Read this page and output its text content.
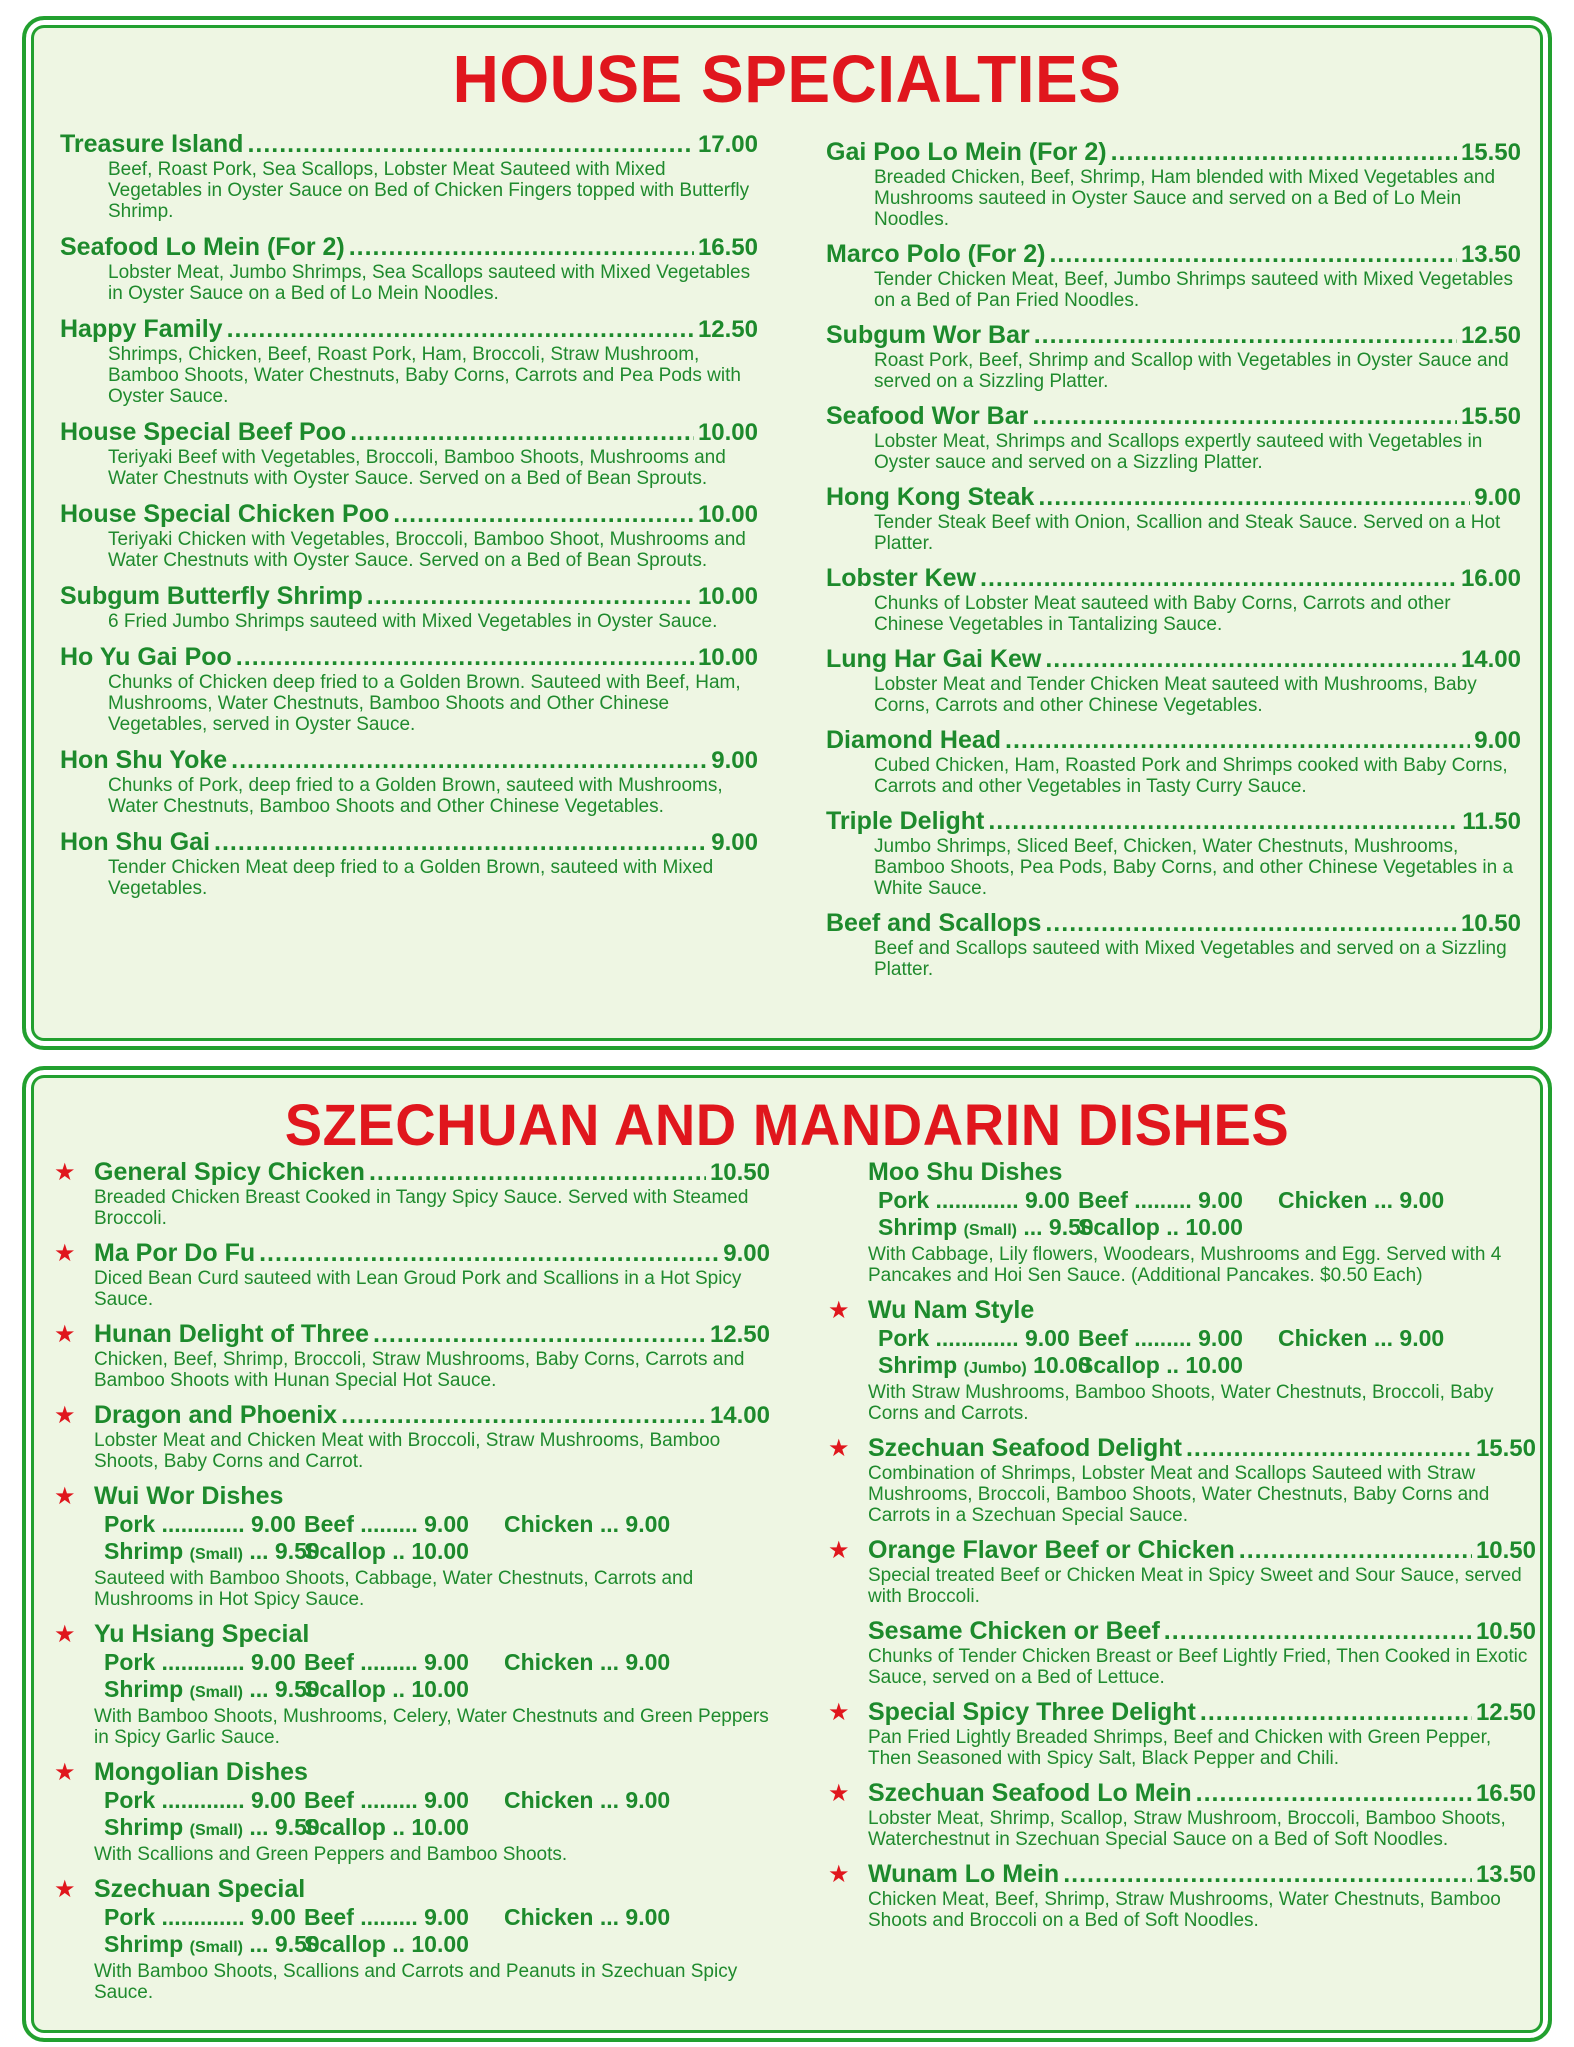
HOUSE SPECIALTIES
Treasure Island .....	17.00
Beef, Roast Pork, Sea Scallops, Lobster Meat Sauteed with Mixed Vegetables in Oyster Sauce on Bed of Chicken Fingers topped with Butterfly Shrimp.
Seafood Lo Mein (For 2) .....	16.50
Lobster Meat, Jumbo Shrimps, Sea Scallops sauteed with Mixed Vegetables in Oyster Sauce on a Bed of Lo Mein Noodles.
Happy Family .....	12.50
Shrimps, Chicken, Beef, Roast Pork, Ham, Broccoli, Straw Mushroom, Bamboo Shoots, Water Chestnuts, Baby Corns, Carrots and Pea Pods with Oyster Sauce.
House Special Beef Poo .....	10.00
Teriyaki Beef with Vegetables, Broccoli, Bamboo Shoots, Mushrooms and Water Chestnuts with Oyster Sauce. Served on a Bed of Bean Sprouts.
House Special Chicken Poo .....	10.00
Teriyaki Chicken with Vegetables, Broccoli, Bamboo Shoot, Mushrooms and Water Chestnuts with Oyster Sauce. Served on a Bed of Bean Sprouts.
Subgum Butterfly Shrimp .....	10.00
6 Fried Jumbo Shrimps sauteed with Mixed Vegetables in Oyster Sauce.
Ho Yu Gai Poo .....	10.00
Chunks of Chicken deep fried to a Golden Brown. Sauteed with Beef, Ham, Mushrooms, Water Chestnuts, Bamboo Shoots and Other Chinese Vegetables, served in Oyster Sauce.
Hon Shu Yoke .....	9.00
Chunks of Pork, deep fried to a Golden Brown, sauteed with Mushrooms, Water Chestnuts, Bamboo Shoots and Other Chinese Vegetables.
Hon Shu Gai .....	9.00
Tender Chicken Meat deep fried to a Golden Brown, sauteed with Mixed Vegetables.
Gai Poo Lo Mein (For 2) .....	15.50
Breaded Chicken, Beef, Shrimp, Ham blended with Mixed Vegetables and Mushrooms sauteed in Oyster Sauce and served on a Bed of Lo Mein Noodles.
Marco Polo (For 2) .....	13.50
Tender Chicken Meat, Beef, Jumbo Shrimps sauteed with Mixed Vegetables on a Bed of Pan Fried Noodles.
Subgum Wor Bar .....	12.50
Roast Pork, Beef, Shrimp and Scallop with Vegetables in Oyster Sauce and served on a Sizzling Platter.
Seafood Wor Bar .....	15.50
Lobster Meat, Shrimps and Scallops expertly sauteed with Vegetables in Oyster sauce and served on a Sizzling Platter.
Hong Kong Steak .....	9.00
Tender Steak Beef with Onion, Scallion and Steak Sauce. Served on a Hot Platter.
Lobster Kew .....	16.00
Chunks of Lobster Meat sauteed with Baby Corns, Carrots and other Chinese Vegetables in Tantalizing Sauce.
Lung Har Gai Kew .....	14.00
Lobster Meat and Tender Chicken Meat sauteed with Mushrooms, Baby Corns, Carrots and other Chinese Vegetables.
Diamond Head .....	9.00
Cubed Chicken, Ham, Roasted Pork and Shrimps cooked with Baby Corns, Carrots and other Vegetables in Tasty Curry Sauce.
Triple Delight .....	11.50
Jumbo Shrimps, Sliced Beef, Chicken, Water Chestnuts, Mushrooms, Bamboo Shoots, Pea Pods, Baby Corns, and other Chinese Vegetables in a White Sauce.
Beef and Scallops .....	10.50
Beef and Scallops sauteed with Mixed Vegetables and served on a Sizzling Platter.
SZECHUAN AND MANDARIN DISHES
★ General Spicy Chicken .....	10.50
Breaded Chicken Breast Cooked in Tangy Spicy Sauce. Served with Steamed Broccoli.
★ Ma Por Do Fu .....	9.00
Diced Bean Curd sauteed with Lean Groud Pork and Scallions in a Hot Spicy Sauce.
★ Hunan Delight of Three .....	12.50
Chicken, Beef, Shrimp, Broccoli, Straw Mushrooms, Baby Corns, Carrots and Bamboo Shoots with Hunan Special Hot Sauce.
★ Dragon and Phoenix .....	14.00
Lobster Meat and Chicken Meat with Broccoli, Straw Mushrooms, Bamboo Shoots, Baby Corns and Carrot.
★ Wui Wor Dishes
Pork ............. 9.00 Beef ......... 9.00	Chicken ... 9.00
Shrimp (Small) ... 9.50
Scallop .. 10.00
Sauteed with Bamboo Shoots, Cabbage, Water Chestnuts, Carrots and Mushrooms in Hot Spicy Sauce.
★ Yu Hsiang Special
Pork ............. 9.00 Beef ......... 9.00	Chicken ... 9.00
Shrimp (Small) ... 9.50
Scallop .. 10.00
With Bamboo Shoots, Mushrooms, Celery, Water Chestnuts and Green Peppers in Spicy Garlic Sauce.
★ Mongolian Dishes
Pork ............. 9.00 Beef ......... 9.00	Chicken ... 9.00
Shrimp (Small) ... 9.50
Scallop .. 10.00
With Scallions and Green Peppers and Bamboo Shoots.
★ Szechuan Special
Pork ............. 9.00 Beef ......... 9.00	Chicken ... 9.00
Shrimp (Small) ... 9.50
Scallop .. 10.00
With Bamboo Shoots, Scallions and Carrots and Peanuts in Szechuan Spicy Sauce.
Moo Shu Dishes
Pork ............. 9.00 Beef ......... 9.00	Chicken ... 9.00
Shrimp (Small) ... 9.50
Scallop .. 10.00
With Cabbage, Lily flowers, Woodears, Mushrooms and Egg. Served with 4 Pancakes and Hoi Sen Sauce. (Additional Pancakes. $0.50 Each)
★ Wu Nam Style
Pork ............. 9.00 Beef ......... 9.00	Chicken ... 9.00
Shrimp (Jumbo) 10.00
Scallop .. 10.00
With Straw Mushrooms, Bamboo Shoots, Water Chestnuts, Broccoli, Baby Corns and Carrots.
★ Szechuan Seafood Delight .....	15.50
Combination of Shrimps, Lobster Meat and Scallops Sauteed with Straw Mushrooms, Broccoli, Bamboo Shoots, Water Chestnuts, Baby Corns and Carrots in a Szechuan Special Sauce.
★ Orange Flavor Beef or Chicken .....	10.50
Special treated Beef or Chicken Meat in Spicy Sweet and Sour Sauce, served with Broccoli.
Sesame Chicken or Beef .....	10.50
Chunks of Tender Chicken Breast or Beef Lightly Fried, Then Cooked in Exotic Sauce, served on a Bed of Lettuce.
★ Special Spicy Three Delight .....	12.50
Pan Fried Lightly Breaded Shrimps, Beef and Chicken with Green Pepper, Then Seasoned with Spicy Salt, Black Pepper and Chili.
★ Szechuan Seafood Lo Mein .....	16.50
Lobster Meat, Shrimp, Scallop, Straw Mushroom, Broccoli, Bamboo Shoots, Waterchestnut in Szechuan Special Sauce on a Bed of Soft Noodles.
★ Wunam Lo Mein .....	13.50
Chicken Meat, Beef, Shrimp, Straw Mushrooms, Water Chestnuts, Bamboo Shoots and Broccoli on a Bed of Soft Noodles.
